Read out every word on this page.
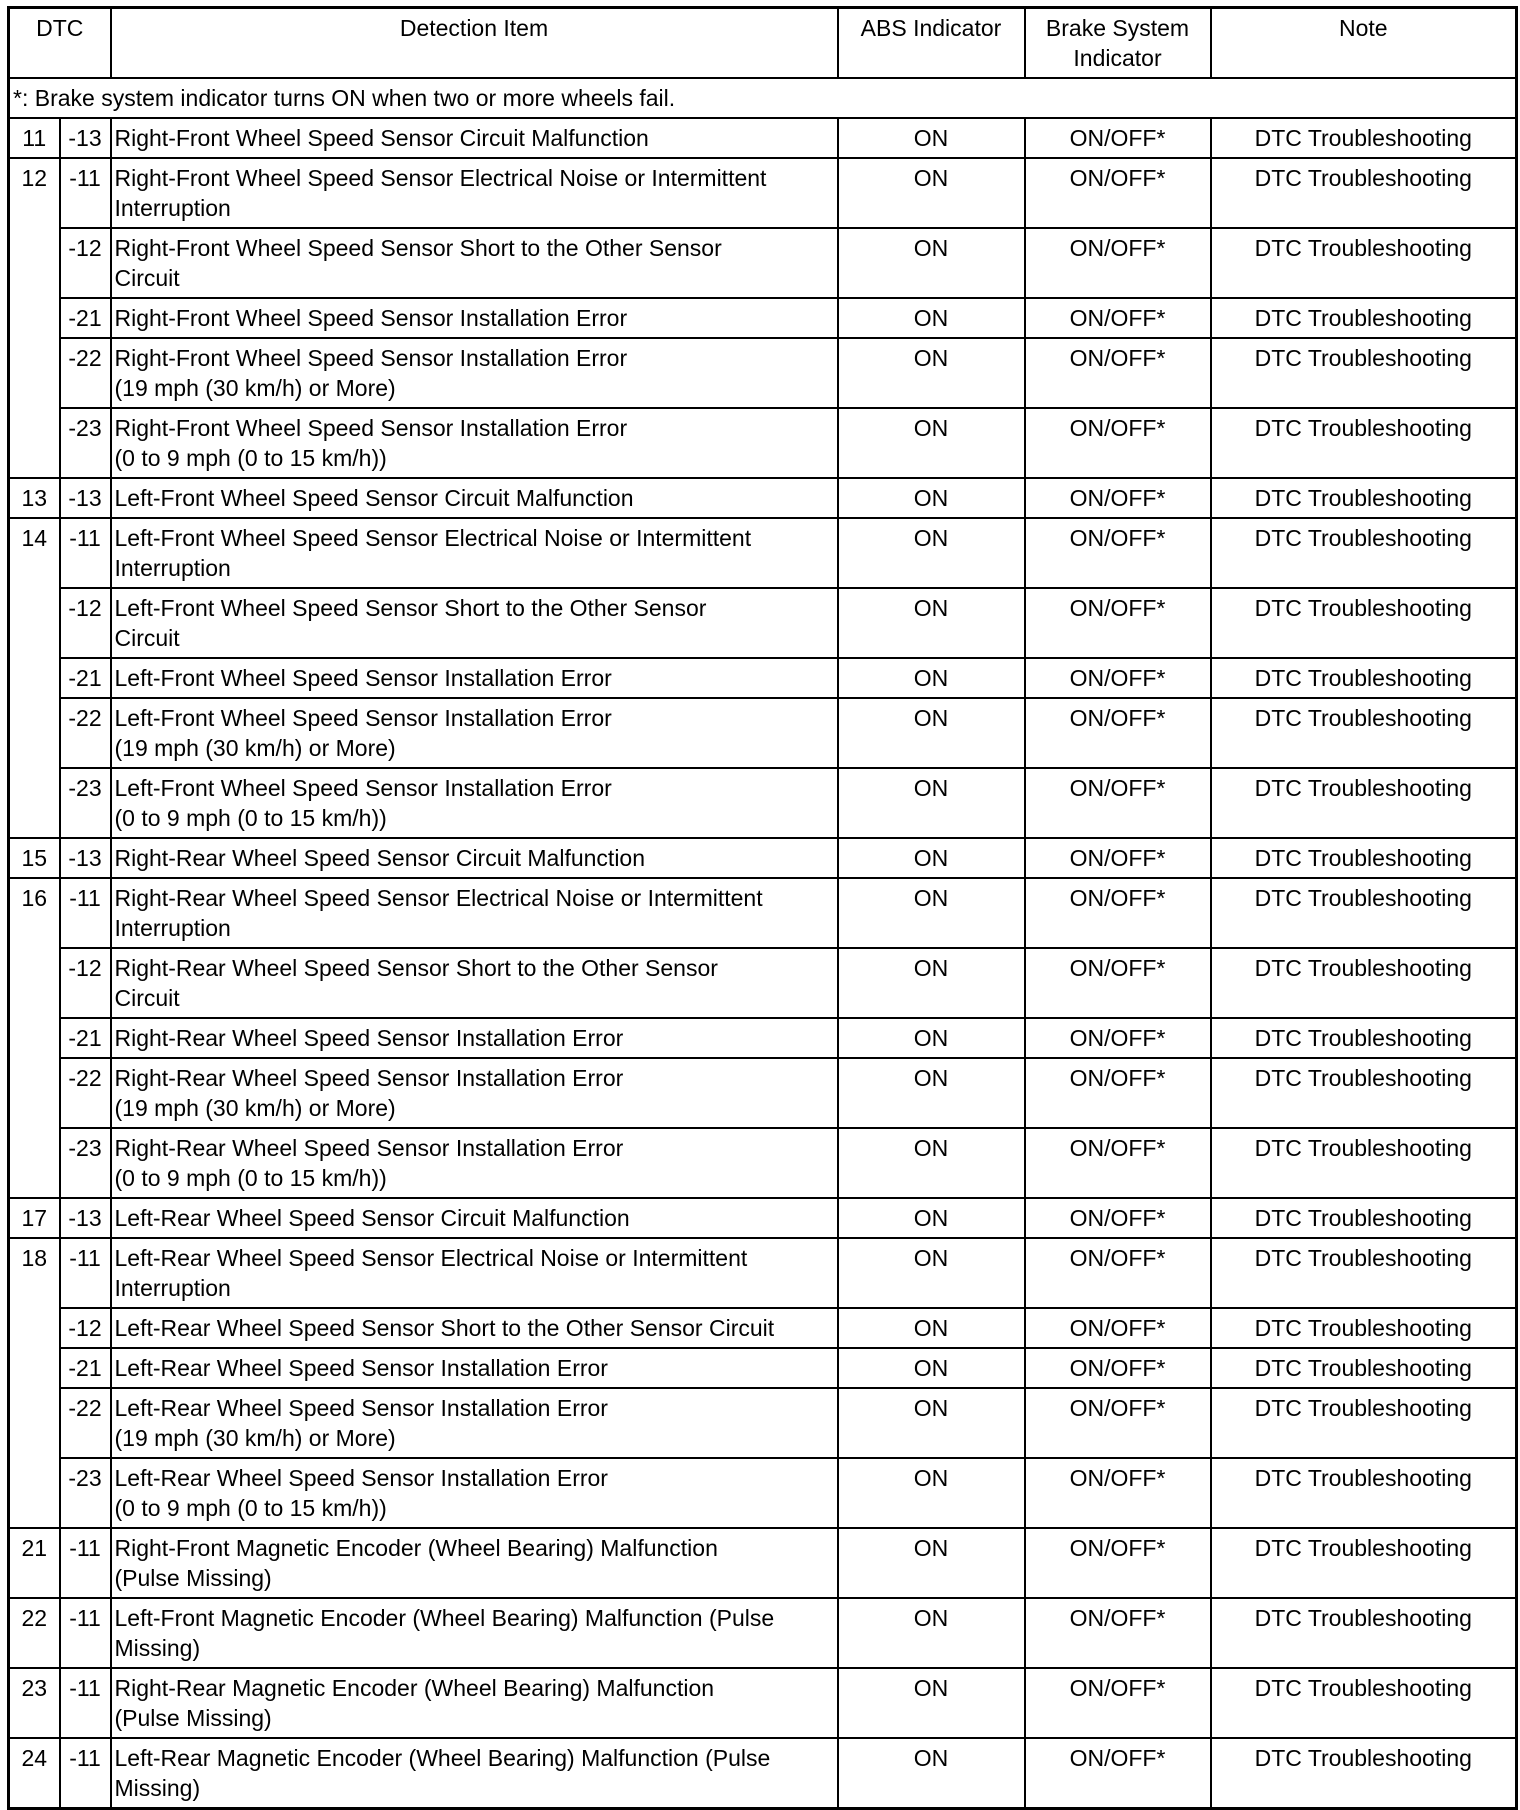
DTC		Detection Item	ABS Indicator	Brake System
Indicator	Note
*: Brake system indicator turns ON when two or more wheels fail.					
11	-13	Right-Front Wheel Speed Sensor Circuit Malfunction	ON	ON/OFF*	DTC Troubleshooting
12	-11	Right-Front Wheel Speed Sensor Electrical Noise or Intermittent
Interruption	ON	ON/OFF*	DTC Troubleshooting
	-12	Right-Front Wheel Speed Sensor Short to the Other Sensor
Circuit	ON	ON/OFF*	DTC Troubleshooting
	-21	Right-Front Wheel Speed Sensor Installation Error	ON	ON/OFF*	DTC Troubleshooting
	-22	Right-Front Wheel Speed Sensor Installation Error
(19 mph (30 km/h) or More)	ON	ON/OFF*	DTC Troubleshooting
	-23	Right-Front Wheel Speed Sensor Installation Error
(0 to 9 mph (0 to 15 km/h))	ON	ON/OFF*	DTC Troubleshooting
13	-13	Left-Front Wheel Speed Sensor Circuit Malfunction	ON	ON/OFF*	DTC Troubleshooting
14	-11	Left-Front Wheel Speed Sensor Electrical Noise or Intermittent
Interruption	ON	ON/OFF*	DTC Troubleshooting
	-12	Left-Front Wheel Speed Sensor Short to the Other Sensor
Circuit	ON	ON/OFF*	DTC Troubleshooting
	-21	Left-Front Wheel Speed Sensor Installation Error	ON	ON/OFF*	DTC Troubleshooting
	-22	Left-Front Wheel Speed Sensor Installation Error
(19 mph (30 km/h) or More)	ON	ON/OFF*	DTC Troubleshooting
	-23	Left-Front Wheel Speed Sensor Installation Error
(0 to 9 mph (0 to 15 km/h))	ON	ON/OFF*	DTC Troubleshooting
15	-13	Right-Rear Wheel Speed Sensor Circuit Malfunction	ON	ON/OFF*	DTC Troubleshooting
16	-11	Right-Rear Wheel Speed Sensor Electrical Noise or Intermittent
Interruption	ON	ON/OFF*	DTC Troubleshooting
	-12	Right-Rear Wheel Speed Sensor Short to the Other Sensor
Circuit	ON	ON/OFF*	DTC Troubleshooting
	-21	Right-Rear Wheel Speed Sensor Installation Error	ON	ON/OFF*	DTC Troubleshooting
	-22	Right-Rear Wheel Speed Sensor Installation Error
(19 mph (30 km/h) or More)	ON	ON/OFF*	DTC Troubleshooting
	-23	Right-Rear Wheel Speed Sensor Installation Error
(0 to 9 mph (0 to 15 km/h))	ON	ON/OFF*	DTC Troubleshooting
17	-13	Left-Rear Wheel Speed Sensor Circuit Malfunction	ON	ON/OFF*	DTC Troubleshooting
18	-11	Left-Rear Wheel Speed Sensor Electrical Noise or Intermittent
Interruption	ON	ON/OFF*	DTC Troubleshooting
	-12	Left-Rear Wheel Speed Sensor Short to the Other Sensor Circuit	ON	ON/OFF*	DTC Troubleshooting
	-21	Left-Rear Wheel Speed Sensor Installation Error	ON	ON/OFF*	DTC Troubleshooting
	-22	Left-Rear Wheel Speed Sensor Installation Error
(19 mph (30 km/h) or More)	ON	ON/OFF*	DTC Troubleshooting
	-23	Left-Rear Wheel Speed Sensor Installation Error
(0 to 9 mph (0 to 15 km/h))	ON	ON/OFF*	DTC Troubleshooting
21	-11	Right-Front Magnetic Encoder (Wheel Bearing) Malfunction
(Pulse Missing)	ON	ON/OFF*	DTC Troubleshooting
22	-11	Left-Front Magnetic Encoder (Wheel Bearing) Malfunction (Pulse
Missing)	ON	ON/OFF*	DTC Troubleshooting
23	-11	Right-Rear Magnetic Encoder (Wheel Bearing) Malfunction
(Pulse Missing)	ON	ON/OFF*	DTC Troubleshooting
24	-11	Left-Rear Magnetic Encoder (Wheel Bearing) Malfunction (Pulse
Missing)	ON	ON/OFF*	DTC Troubleshooting
